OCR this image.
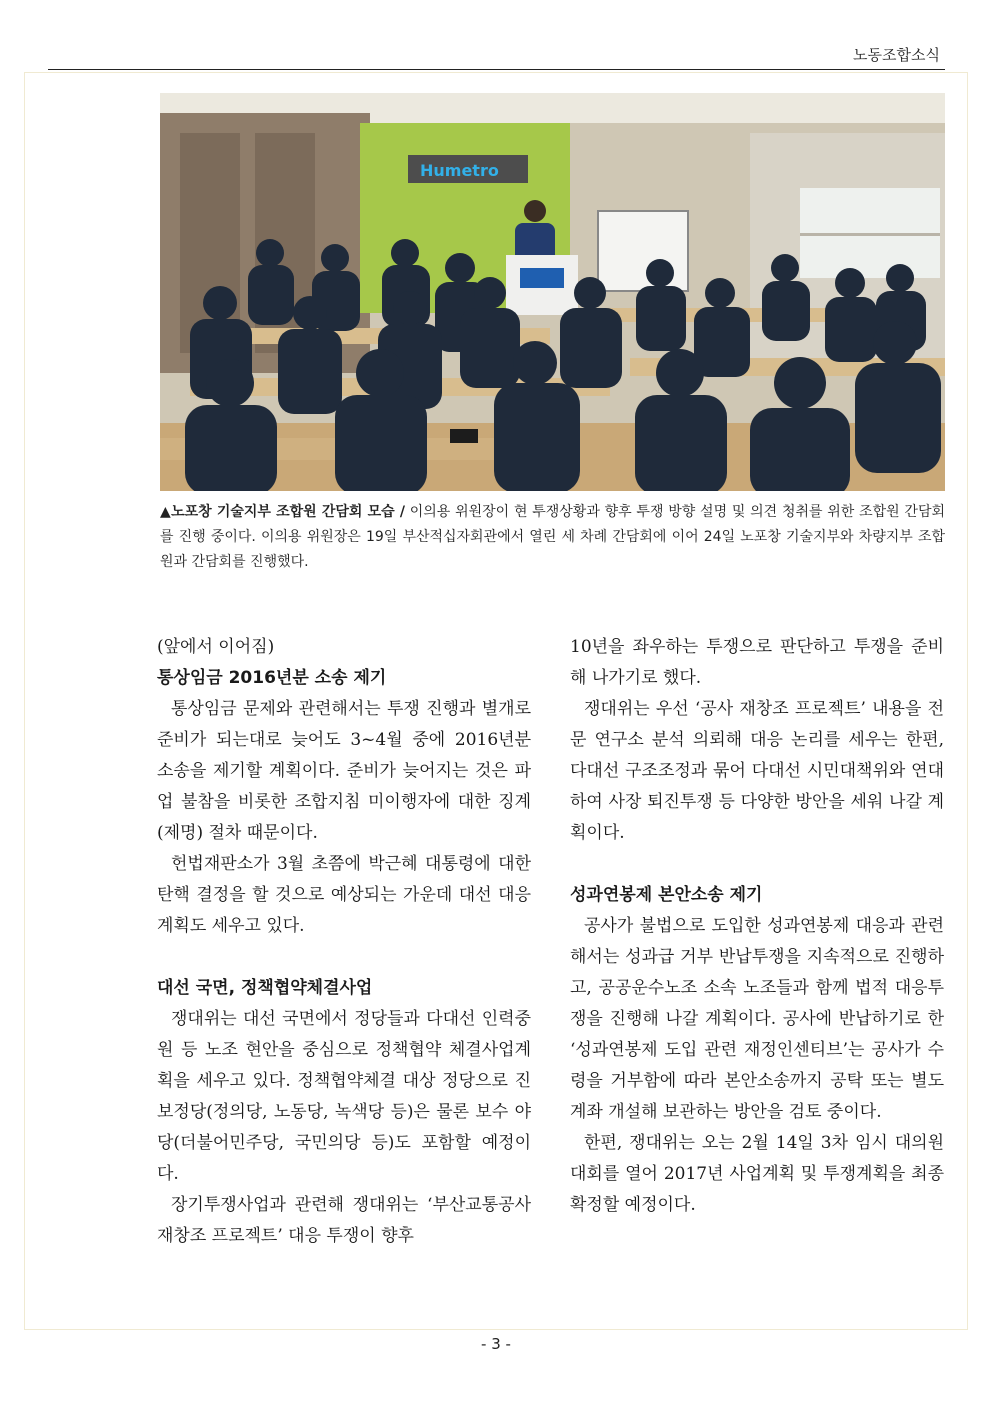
노동조합소식
Humetro
▲노포창 기술지부 조합원 간담회 모습 / 이의용 위원장이 현 투쟁상황과 향후 투쟁 방향 설명 및 의견 청취를 위한 조합원 간담회를 진행 중이다. 이의용 위원장은 19일 부산적십자회관에서 열린 세 차례 간담회에 이어 24일 노포창 기술지부와 차량지부 조합원과 간담회를 진행했다.

(앞에서 이어짐)

통상임금 2016년분 소송 제기

통상임금 문제와 관련해서는 투쟁 진행과 별개로 준비가 되는대로 늦어도 3~4월 중에 2016년분 소송을 제기할 계획이다. 준비가 늦어지는 것은 파업 불참을 비롯한 조합지침 미이행자에 대한 징계(제명) 절차 때문이다.

헌법재판소가 3월 초쯤에 박근혜 대통령에 대한 탄핵 결정을 할 것으로 예상되는 가운데 대선 대응 계획도 세우고 있다.

대선 국면, 정책협약체결사업

쟁대위는 대선 국면에서 정당들과 다대선 인력중원 등 노조 현안을 중심으로 정책협약 체결사업계획을 세우고 있다. 정책협약체결 대상 정당으로 진보정당(정의당, 노동당, 녹색당 등)은 물론 보수 야당(더불어민주당, 국민의당 등)도 포함할 예정이다.

장기투쟁사업과 관련해 쟁대위는 ‘부산교통공사 재창조 프로젝트’ 대응 투쟁이 향후

10년을 좌우하는 투쟁으로 판단하고 투쟁을 준비해 나가기로 했다.

쟁대위는 우선 ‘공사 재창조 프로젝트’ 내용을 전문 연구소 분석 의뢰해 대응 논리를 세우는 한편, 다대선 구조조정과 묶어 다대선 시민대책위와 연대하여 사장 퇴진투쟁 등 다양한 방안을 세워 나갈 계획이다.

성과연봉제 본안소송 제기

공사가 불법으로 도입한 성과연봉제 대응과 관련해서는 성과급 거부 반납투쟁을 지속적으로 진행하고, 공공운수노조 소속 노조들과 함께 법적 대응투쟁을 진행해 나갈 계획이다. 공사에 반납하기로 한 ‘성과연봉제 도입 관련 재정인센티브’는 공사가 수령을 거부함에 따라 본안소송까지 공탁 또는 별도 계좌 개설해 보관하는 방안을 검토 중이다.

한편, 쟁대위는 오는 2월 14일 3차 임시 대의원대회를 열어 2017년 사업계획 및 투쟁계획을 최종 확정할 예정이다.

- 3 -
